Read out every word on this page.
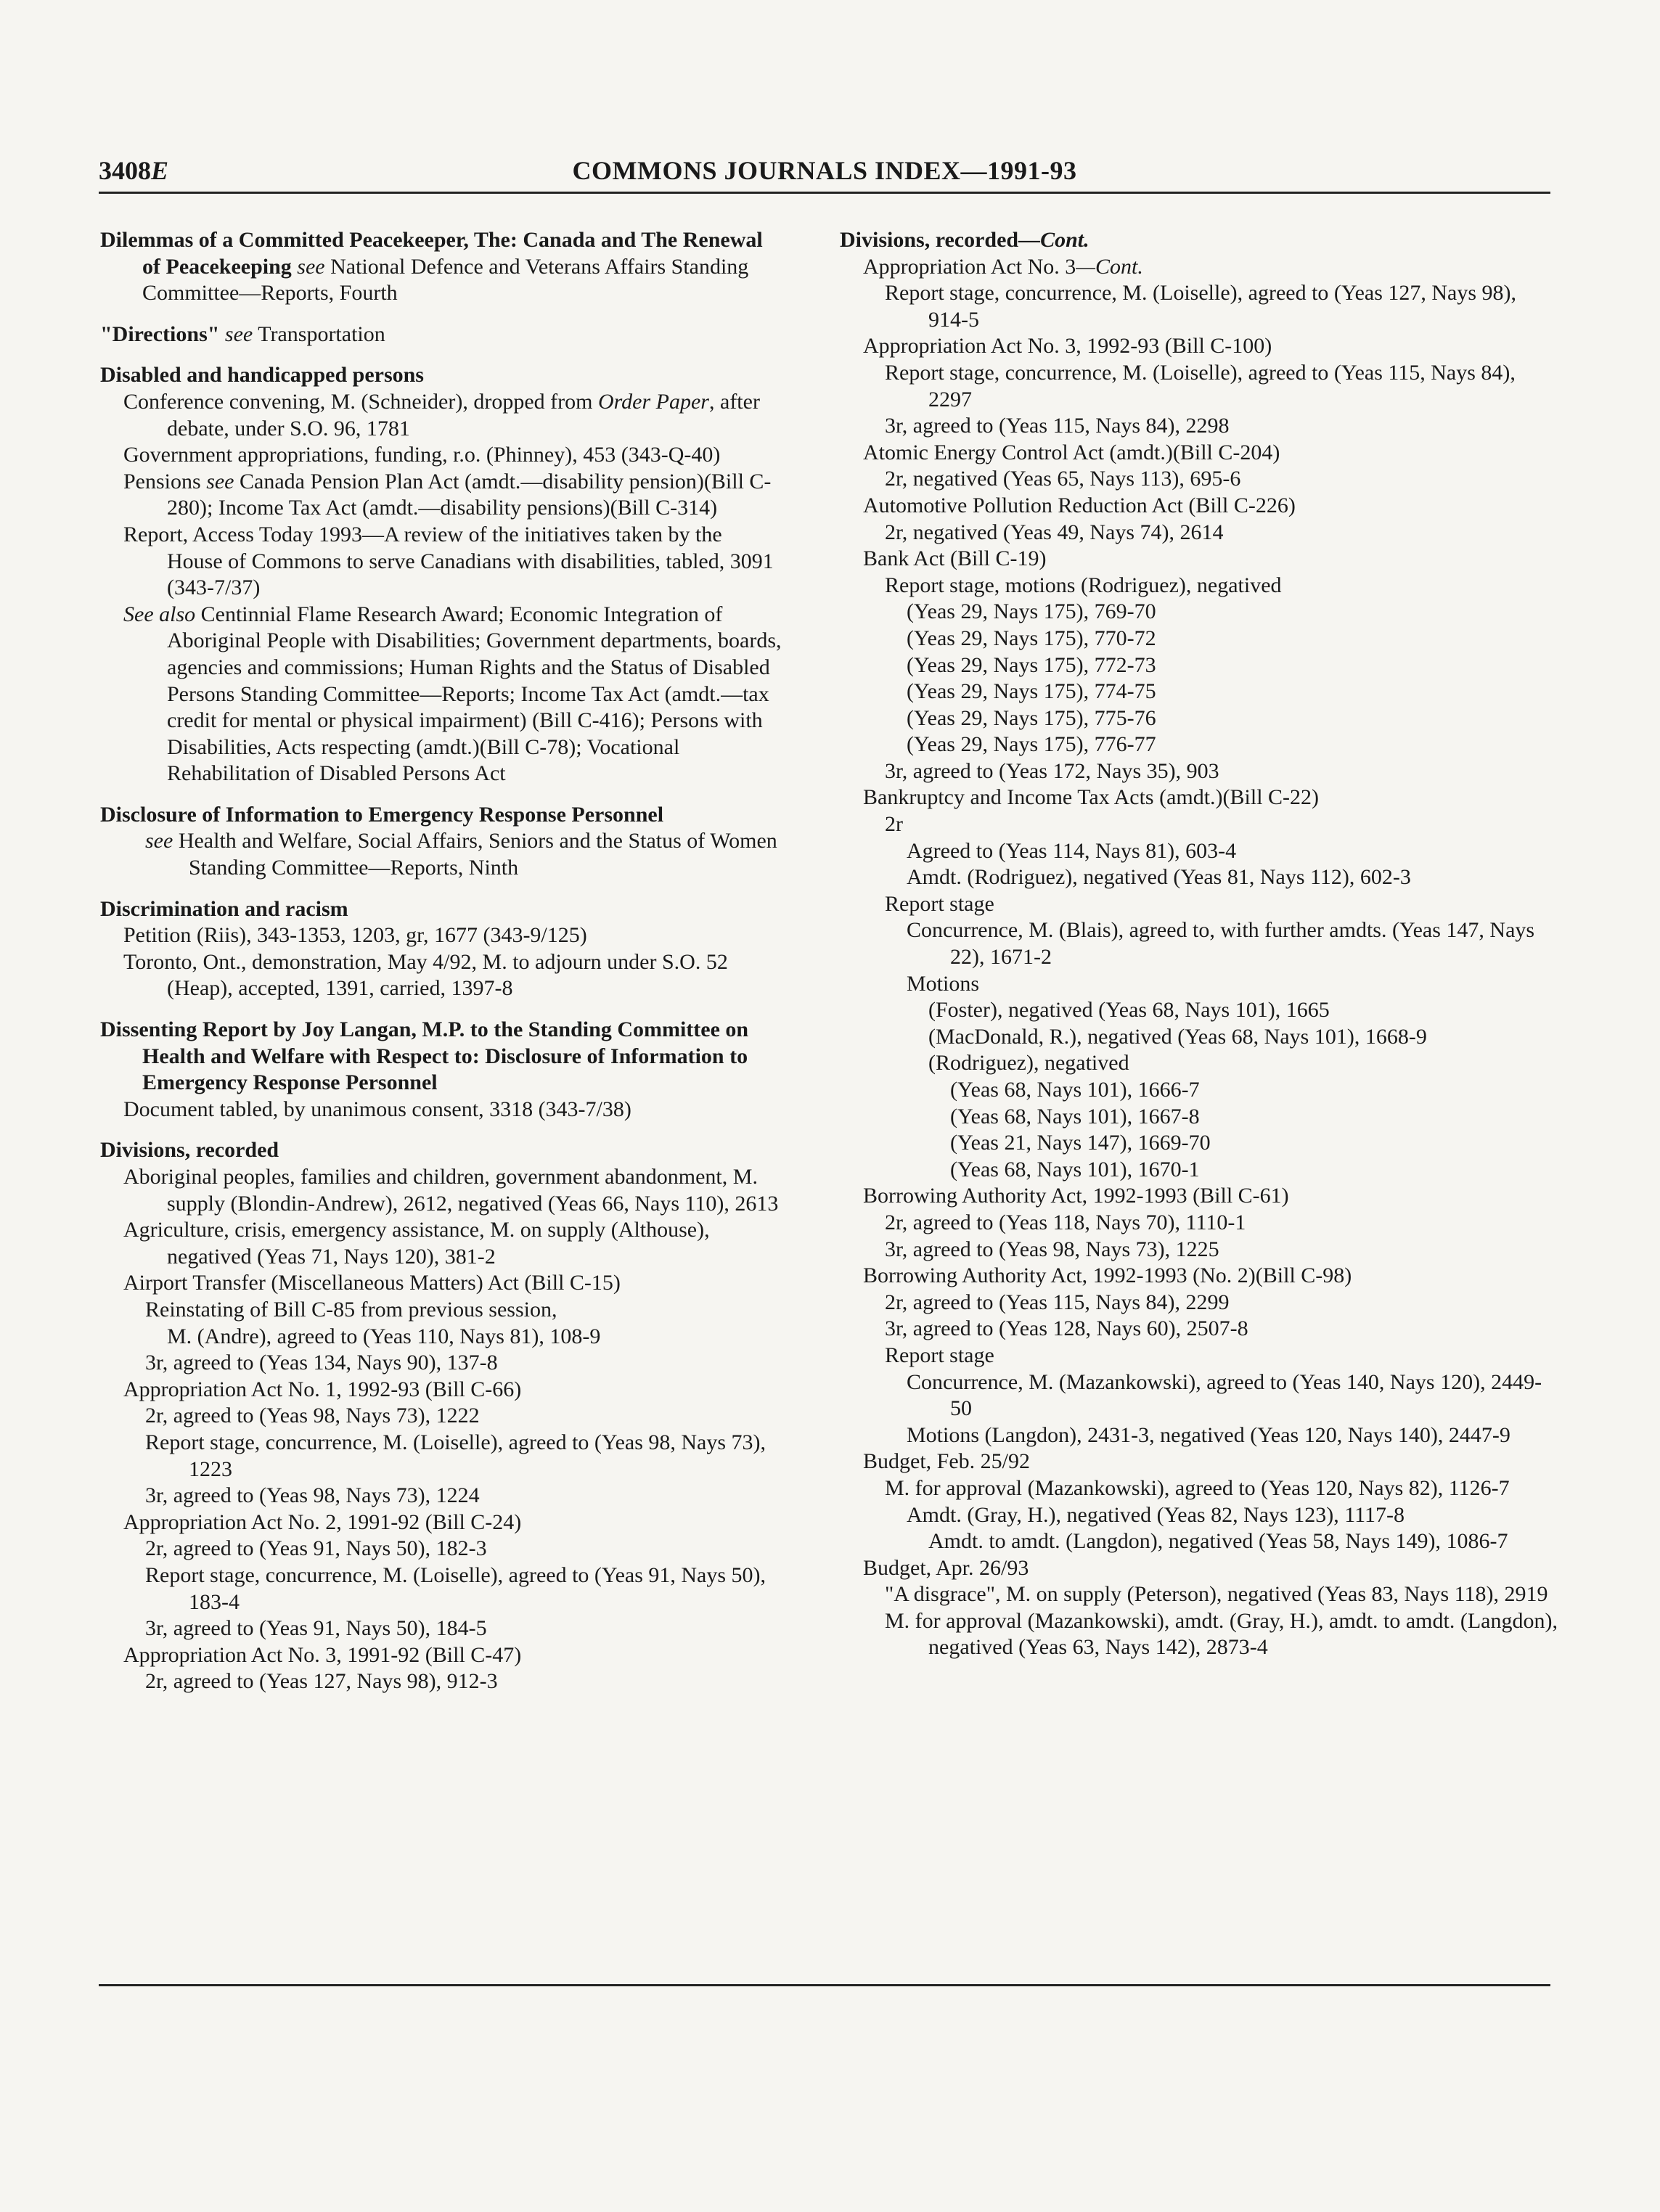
3408E	COMMONS JOURNALS INDEX—1991-93
Dilemmas of a Committed Peacekeeper, The: Canada and The Renewal of Peacekeeping see National Defence and Veterans Affairs Standing Committee—Reports, Fourth
"Directions" see Transportation
Disabled and handicapped persons
Conference convening, M. (Schneider), dropped from Order Paper, after debate, under S.O. 96, 1781
Government appropriations, funding, r.o. (Phinney), 453 (343-Q-40)
Pensions see Canada Pension Plan Act (amdt.—disability pension)(Bill C-280); Income Tax Act (amdt.—disability pensions)(Bill C-314)
Report, Access Today 1993—A review of the initiatives taken by the House of Commons to serve Canadians with disabilities, tabled, 3091 (343-7/37)
See also Centinnial Flame Research Award; Economic Integration of Aboriginal People with Disabilities; Government departments, boards, agencies and commissions; Human Rights and the Status of Disabled Persons Standing Committee—Reports; Income Tax Act (amdt.—tax credit for mental or physical impairment) (Bill C-416); Persons with Disabilities, Acts respecting (amdt.)(Bill C-78); Vocational Rehabilitation of Disabled Persons Act
Disclosure of Information to Emergency Response Personnel
see Health and Welfare, Social Affairs, Seniors and the Status of Women Standing Committee—Reports, Ninth
Discrimination and racism
Petition (Riis), 343-1353, 1203, gr, 1677 (343-9/125)
Toronto, Ont., demonstration, May 4/92, M. to adjourn under S.O. 52 (Heap), accepted, 1391, carried, 1397-8
Dissenting Report by Joy Langan, M.P. to the Standing Committee on Health and Welfare with Respect to: Disclosure of Information to Emergency Response Personnel
Document tabled, by unanimous consent, 3318 (343-7/38)
Divisions, recorded
Aboriginal peoples, families and children, government abandonment, M. supply (Blondin-Andrew), 2612, negatived (Yeas 66, Nays 110), 2613
Agriculture, crisis, emergency assistance, M. on supply (Althouse), negatived (Yeas 71, Nays 120), 381-2
Airport Transfer (Miscellaneous Matters) Act (Bill C-15)
Reinstating of Bill C-85 from previous session,
M. (Andre), agreed to (Yeas 110, Nays 81), 108-9
3r, agreed to (Yeas 134, Nays 90), 137-8
Appropriation Act No. 1, 1992-93 (Bill C-66)
2r, agreed to (Yeas 98, Nays 73), 1222
Report stage, concurrence, M. (Loiselle), agreed to (Yeas 98, Nays 73), 1223
3r, agreed to (Yeas 98, Nays 73), 1224
Appropriation Act No. 2, 1991-92 (Bill C-24)
2r, agreed to (Yeas 91, Nays 50), 182-3
Report stage, concurrence, M. (Loiselle), agreed to (Yeas 91, Nays 50), 183-4
3r, agreed to (Yeas 91, Nays 50), 184-5
Appropriation Act No. 3, 1991-92 (Bill C-47)
2r, agreed to (Yeas 127, Nays 98), 912-3
Divisions, recorded—Cont.
Appropriation Act No. 3—Cont.
Report stage, concurrence, M. (Loiselle), agreed to (Yeas 127, Nays 98), 914-5
Appropriation Act No. 3, 1992-93 (Bill C-100)
Report stage, concurrence, M. (Loiselle), agreed to (Yeas 115, Nays 84), 2297
3r, agreed to (Yeas 115, Nays 84), 2298
Atomic Energy Control Act (amdt.)(Bill C-204)
2r, negatived (Yeas 65, Nays 113), 695-6
Automotive Pollution Reduction Act (Bill C-226)
2r, negatived (Yeas 49, Nays 74), 2614
Bank Act (Bill C-19)
Report stage, motions (Rodriguez), negatived
(Yeas 29, Nays 175), 769-70
(Yeas 29, Nays 175), 770-72
(Yeas 29, Nays 175), 772-73
(Yeas 29, Nays 175), 774-75
(Yeas 29, Nays 175), 775-76
(Yeas 29, Nays 175), 776-77
3r, agreed to (Yeas 172, Nays 35), 903
Bankruptcy and Income Tax Acts (amdt.)(Bill C-22)
2r
Agreed to (Yeas 114, Nays 81), 603-4
Amdt. (Rodriguez), negatived (Yeas 81, Nays 112), 602-3
Report stage
Concurrence, M. (Blais), agreed to, with further amdts. (Yeas 147, Nays 22), 1671-2
Motions
(Foster), negatived (Yeas 68, Nays 101), 1665
(MacDonald, R.), negatived (Yeas 68, Nays 101), 1668-9
(Rodriguez), negatived
(Yeas 68, Nays 101), 1666-7
(Yeas 68, Nays 101), 1667-8
(Yeas 21, Nays 147), 1669-70
(Yeas 68, Nays 101), 1670-1
Borrowing Authority Act, 1992-1993 (Bill C-61)
2r, agreed to (Yeas 118, Nays 70), 1110-1
3r, agreed to (Yeas 98, Nays 73), 1225
Borrowing Authority Act, 1992-1993 (No. 2)(Bill C-98)
2r, agreed to (Yeas 115, Nays 84), 2299
3r, agreed to (Yeas 128, Nays 60), 2507-8
Report stage
Concurrence, M. (Mazankowski), agreed to (Yeas 140, Nays 120), 2449-50
Motions (Langdon), 2431-3, negatived (Yeas 120, Nays 140), 2447-9
Budget, Feb. 25/92
M. for approval (Mazankowski), agreed to (Yeas 120, Nays 82), 1126-7
Amdt. (Gray, H.), negatived (Yeas 82, Nays 123), 1117-8
Amdt. to amdt. (Langdon), negatived (Yeas 58, Nays 149), 1086-7
Budget, Apr. 26/93
"A disgrace", M. on supply (Peterson), negatived (Yeas 83, Nays 118), 2919
M. for approval (Mazankowski), amdt. (Gray, H.), amdt. to amdt. (Langdon), negatived (Yeas 63, Nays 142), 2873-4
